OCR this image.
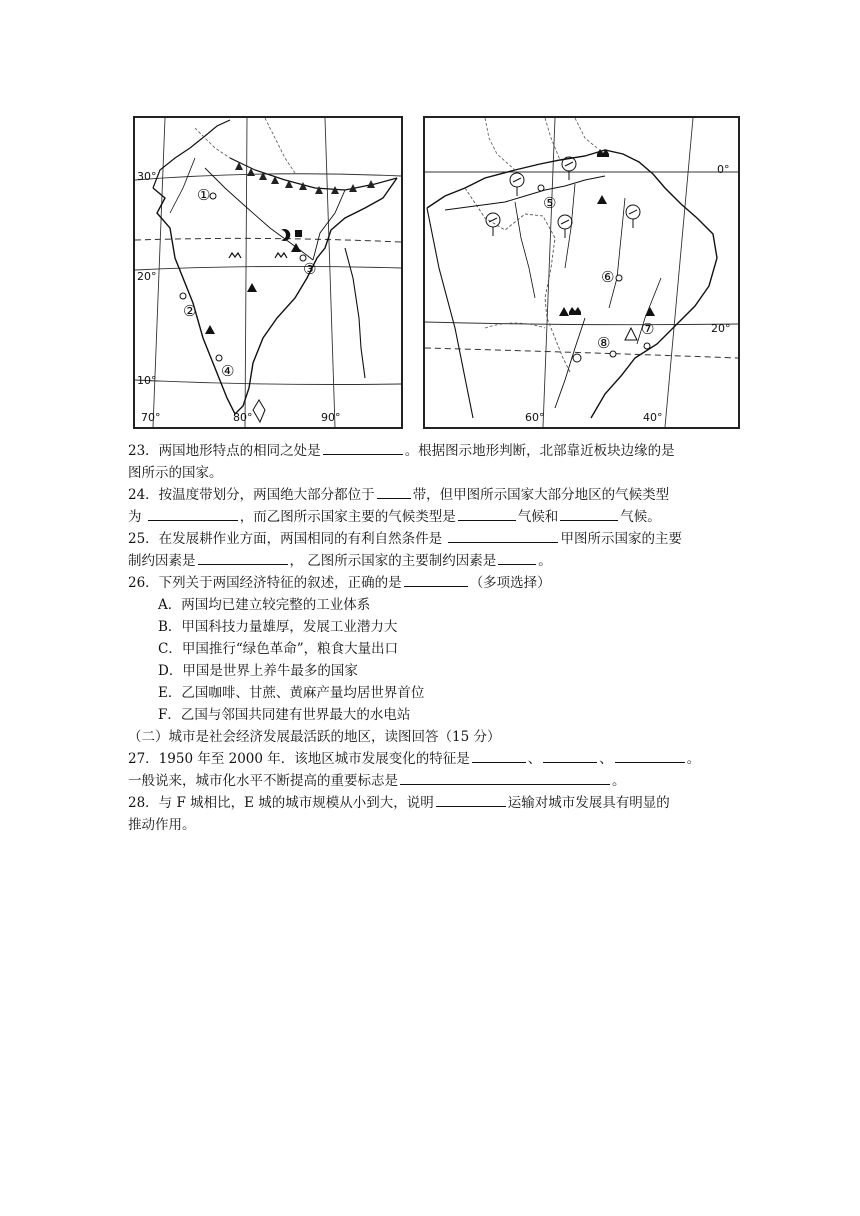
①
③
②
④
30°
20°
10°
70°	80°	90°
⑤
⑥
⑦
⑧
0°
20°
60°	40°
23．两国地形特点的相同之处是	。根据图示地形判断，北部靠近板块边缘的是
图所示的国家。
24．按温度带划分，两国绝大部分都位于	带，但甲图所示国家大部分地区的气候类型
为	，而乙图所示国家主要的气候类型是	气候和	气候。
25．在发展耕作业方面，两国相同的有利自然条件是	甲图所示国家的主要
制约因素是	， 乙图所示国家的主要制约因素是	。
26．下列关于两国经济特征的叙述，正确的是	（多项选择）
A．两国均已建立较完整的工业体系
B．甲国科技力量雄厚，发展工业潜力大
C．甲国推行“绿色革命”，粮食大量出口
D．甲国是世界上养牛最多的国家
E．乙国咖啡、甘蔗、黄麻产量均居世界首位
F．乙国与邻国共同建有世界最大的水电站
（二）城市是社会经济发展最活跃的地区，读图回答（15 分）
27．1950 年至 2000 年．该地区城市发展变化的特征是	、	、	。
一般说来，城市化水平不断提高的重要标志是	。
28．与 F 城相比，E 城的城市规模从小到大，说明	运输对城市发展具有明显的
推动作用。
